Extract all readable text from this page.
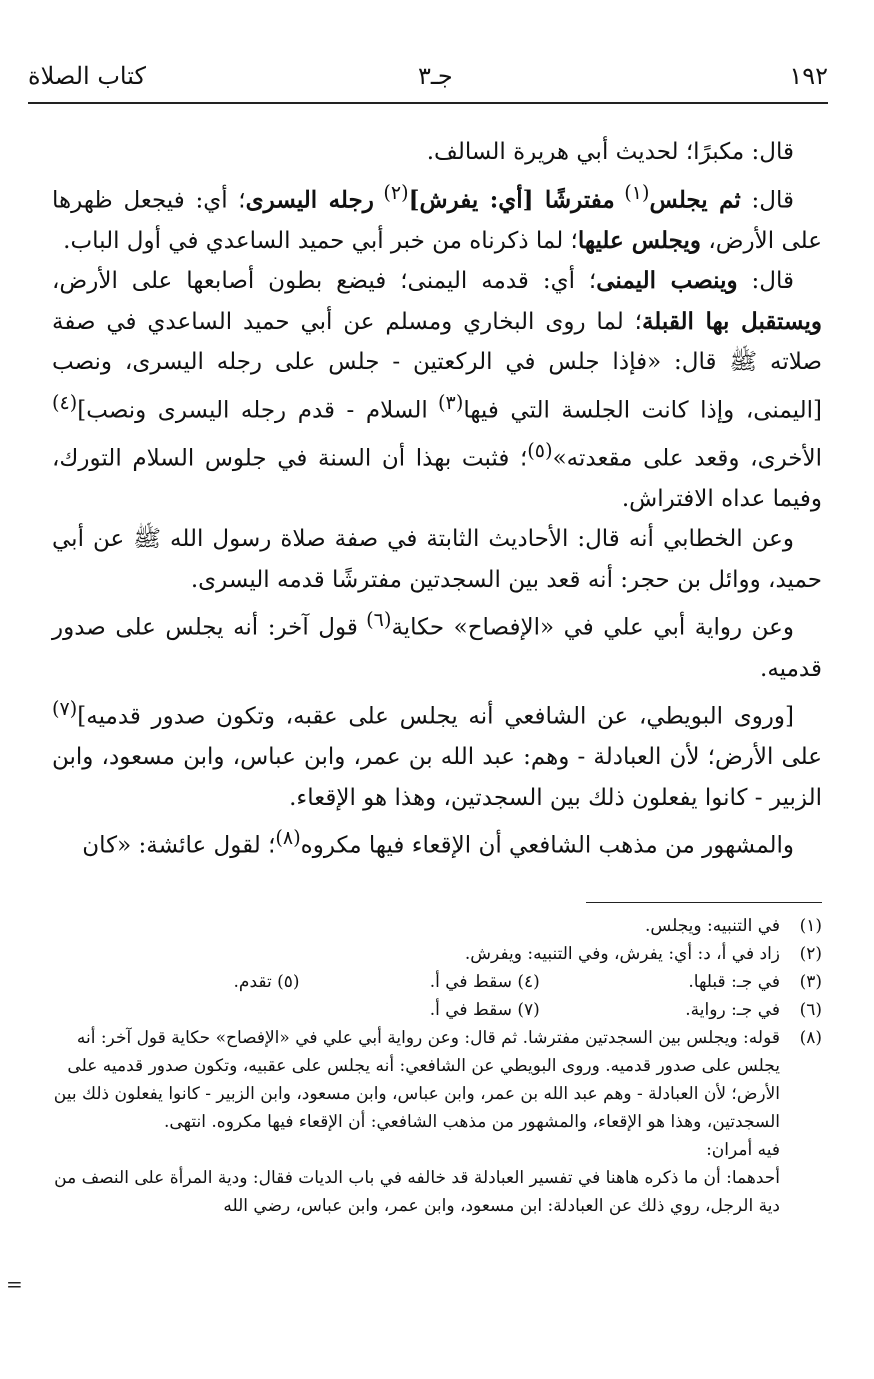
١٩٢
جـ٣
كتاب الصلاة

قال: مكبرًا؛ لحديث أبي هريرة السالف.

قال: ثم يجلس$^{(١)}$ مفترشًا [أي: يفرش]$^{(٢)}$ رجله اليسرى؛ أي: فيجعل ظهرها على الأرض، ويجلس عليها؛ لما ذكرناه من خبر أبي حميد الساعدي في أول الباب.

قال: وينصب اليمنى؛ أي: قدمه اليمنى؛ فيضع بطون أصابعها على الأرض، ويستقبل بها القبلة؛ لما روى البخاري ومسلم عن أبي حميد الساعدي في صفة صلاته ﷺ قال: «فإذا جلس في الركعتين - جلس على رجله اليسرى، ونصب [اليمنى، وإذا كانت الجلسة التي فيها$^{(٣)}$ السلام - قدم رجله اليسرى ونصب]$^{(٤)}$ الأخرى، وقعد على مقعدته»$^{(٥)}$؛ فثبت بهذا أن السنة في جلوس السلام التورك، وفيما عداه الافتراش.

وعن الخطابي أنه قال: الأحاديث الثابتة في صفة صلاة رسول الله ﷺ عن أبي حميد، ووائل بن حجر: أنه قعد بين السجدتين مفترشًا قدمه اليسرى.

وعن رواية أبي علي في «الإفصاح» حكاية$^{(٦)}$ قول آخر: أنه يجلس على صدور قدميه.

[وروى البويطي، عن الشافعي أنه يجلس على عقبه، وتكون صدور قدميه]$^{(٧)}$ على الأرض؛ لأن العبادلة - وهم: عبد الله بن عمر، وابن عباس، وابن مسعود، وابن الزبير - كانوا يفعلون ذلك بين السجدتين، وهذا هو الإقعاء.

والمشهور من مذهب الشافعي أن الإقعاء فيها مكروه$^{(٨)}$؛ لقول عائشة: «كان

(١)
في التنبيه: ويجلس.
(٢)
زاد في أ، د: أي: يفرش، وفي التنبيه: ويفرش.
(٣)
في جـ: قبلها.
(٤) سقط في أ.
(٥) تقدم.
(٦)
في جـ: رواية.
(٧) سقط في أ.
(٨)
قوله: ويجلس بين السجدتين مفترشا. ثم قال: وعن رواية أبي علي في «الإفصاح» حكاية قول آخر: أنه يجلس على صدور قدميه. وروى البويطي عن الشافعي: أنه يجلس على عقبيه، وتكون صدور قدميه على الأرض؛ لأن العبادلة - وهم عبد الله بن عمر، وابن عباس، وابن مسعود، وابن الزبير - كانوا يفعلون ذلك بين السجدتين، وهذا هو الإقعاء، والمشهور من مذهب الشافعي: أن الإقعاء فيها مكروه. انتهى.
فيه أمران:
أحدهما: أن ما ذكره هاهنا في تفسير العبادلة قد خالفه في باب الديات فقال: ودية المرأة على النصف من دية الرجل، روي ذلك عن العبادلة: ابن مسعود، وابن عمر، وابن عباس، رضي الله
=
